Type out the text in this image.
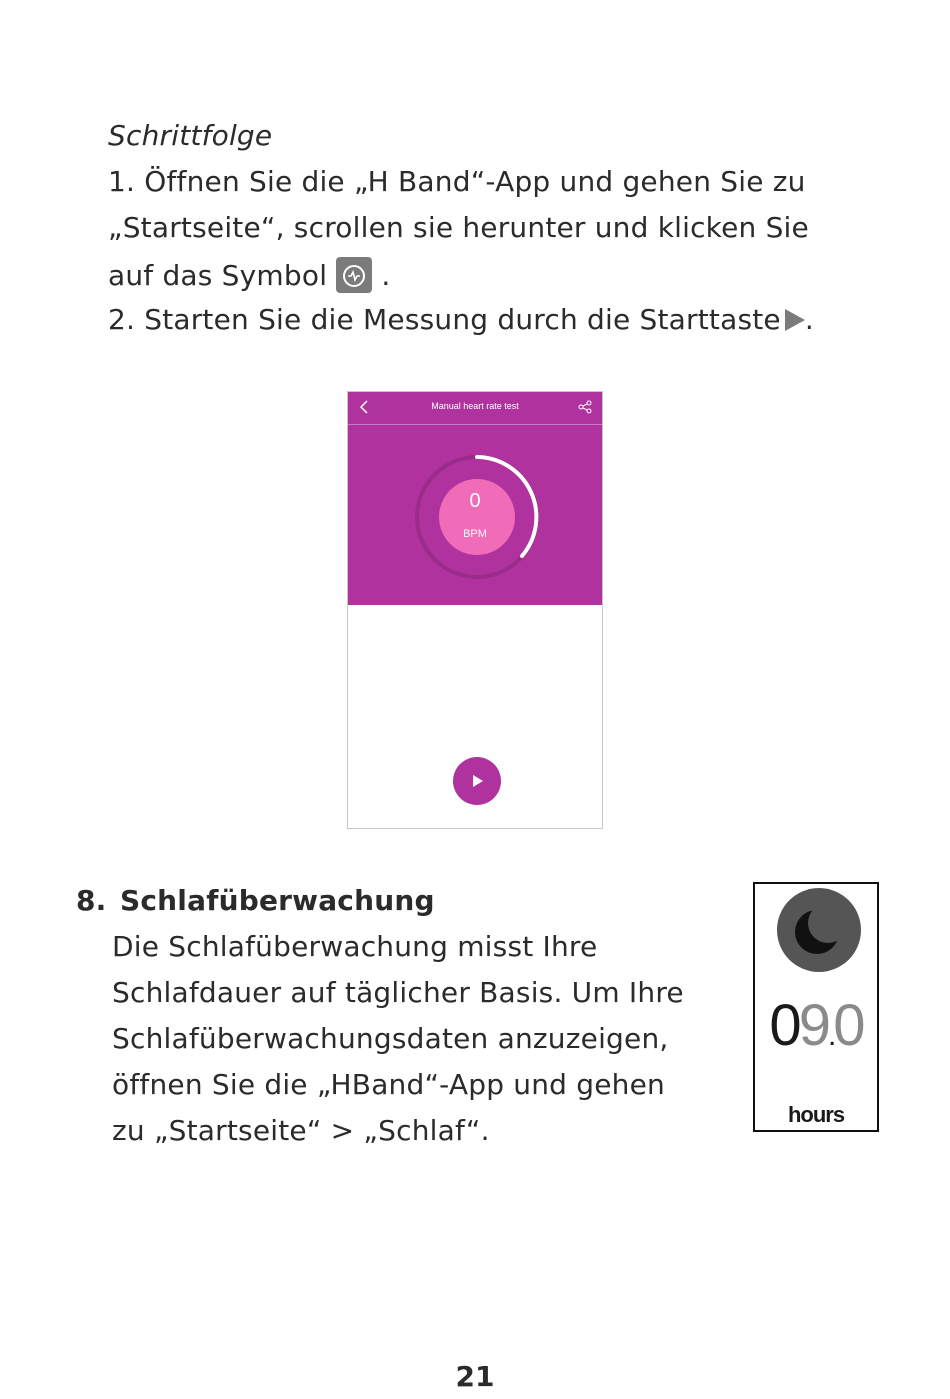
Schrittfolge
1. Öffnen Sie die „H Band“-App und gehen Sie zu
„Startseite“, scrollen sie herunter und klicken Sie
auf das Symbol  .
2. Starten Sie die Messung durch die Starttaste .
Manual heart rate test
0
BPM
8. Schlafüberwachung
Die Schlafüberwachung misst Ihre
Schlafdauer auf täglicher Basis. Um Ihre
Schlafüberwachungsdaten anzuzeigen,
öffnen Sie die „HBand“-App und gehen
zu „Startseite“ > „Schlaf“.
09.0
hours
21
